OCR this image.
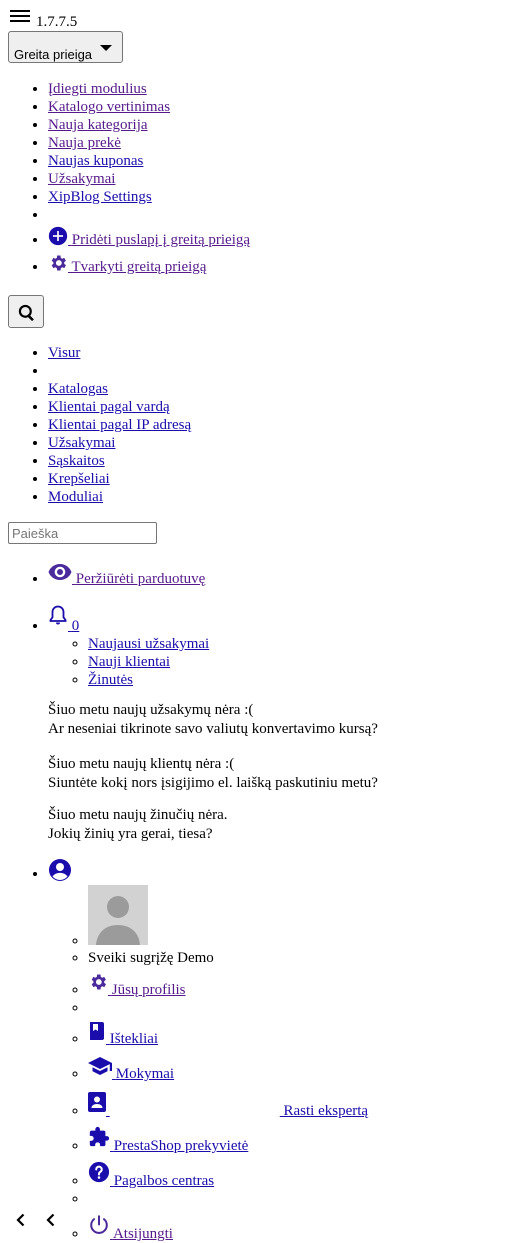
1.7.7.5
Greita prieiga
• Įdiegti modulius
• Katalogo vertinimas
• Nauja kategorija
• Nauja prekė
• Naujas kuponas
• Užsakymai
• XipBlog Settings
•
•  Pridėti puslapį į greitą prieigą
•  Tvarkyti greitą prieigą
• Visur
•
• Katalogas
• Klientai pagal vardą
• Klientai pagal IP adresą
• Užsakymai
• Sąskaitos
• Krepšeliai
• Moduliai
Paieška
•  Peržiūrėti parduotuvę
•  0
◦ Naujausi užsakymai
◦ Nauji klientai
◦ Žinutės
Šiuo metu naujų užsakymų nėra :(
Ar neseniai tikrinote savo valiutų konvertavimo kursą?
Šiuo metu naujų klientų nėra :(
Siuntėte kokį nors įsigijimo el. laišką paskutiniu metu?
Šiuo metu naujų žinučių nėra.
Jokių žinių yra gerai, tiesa?
◦
◦ • Sveiki sugrįžę Demo
◦  Jūsų profilis
◦
◦  Ištekliai
◦  Mokymai
◦   Rasti ekspertą
◦  PrestaShop prekyvietė
◦  Pagalbos centras
◦
◦  Atsijungti
